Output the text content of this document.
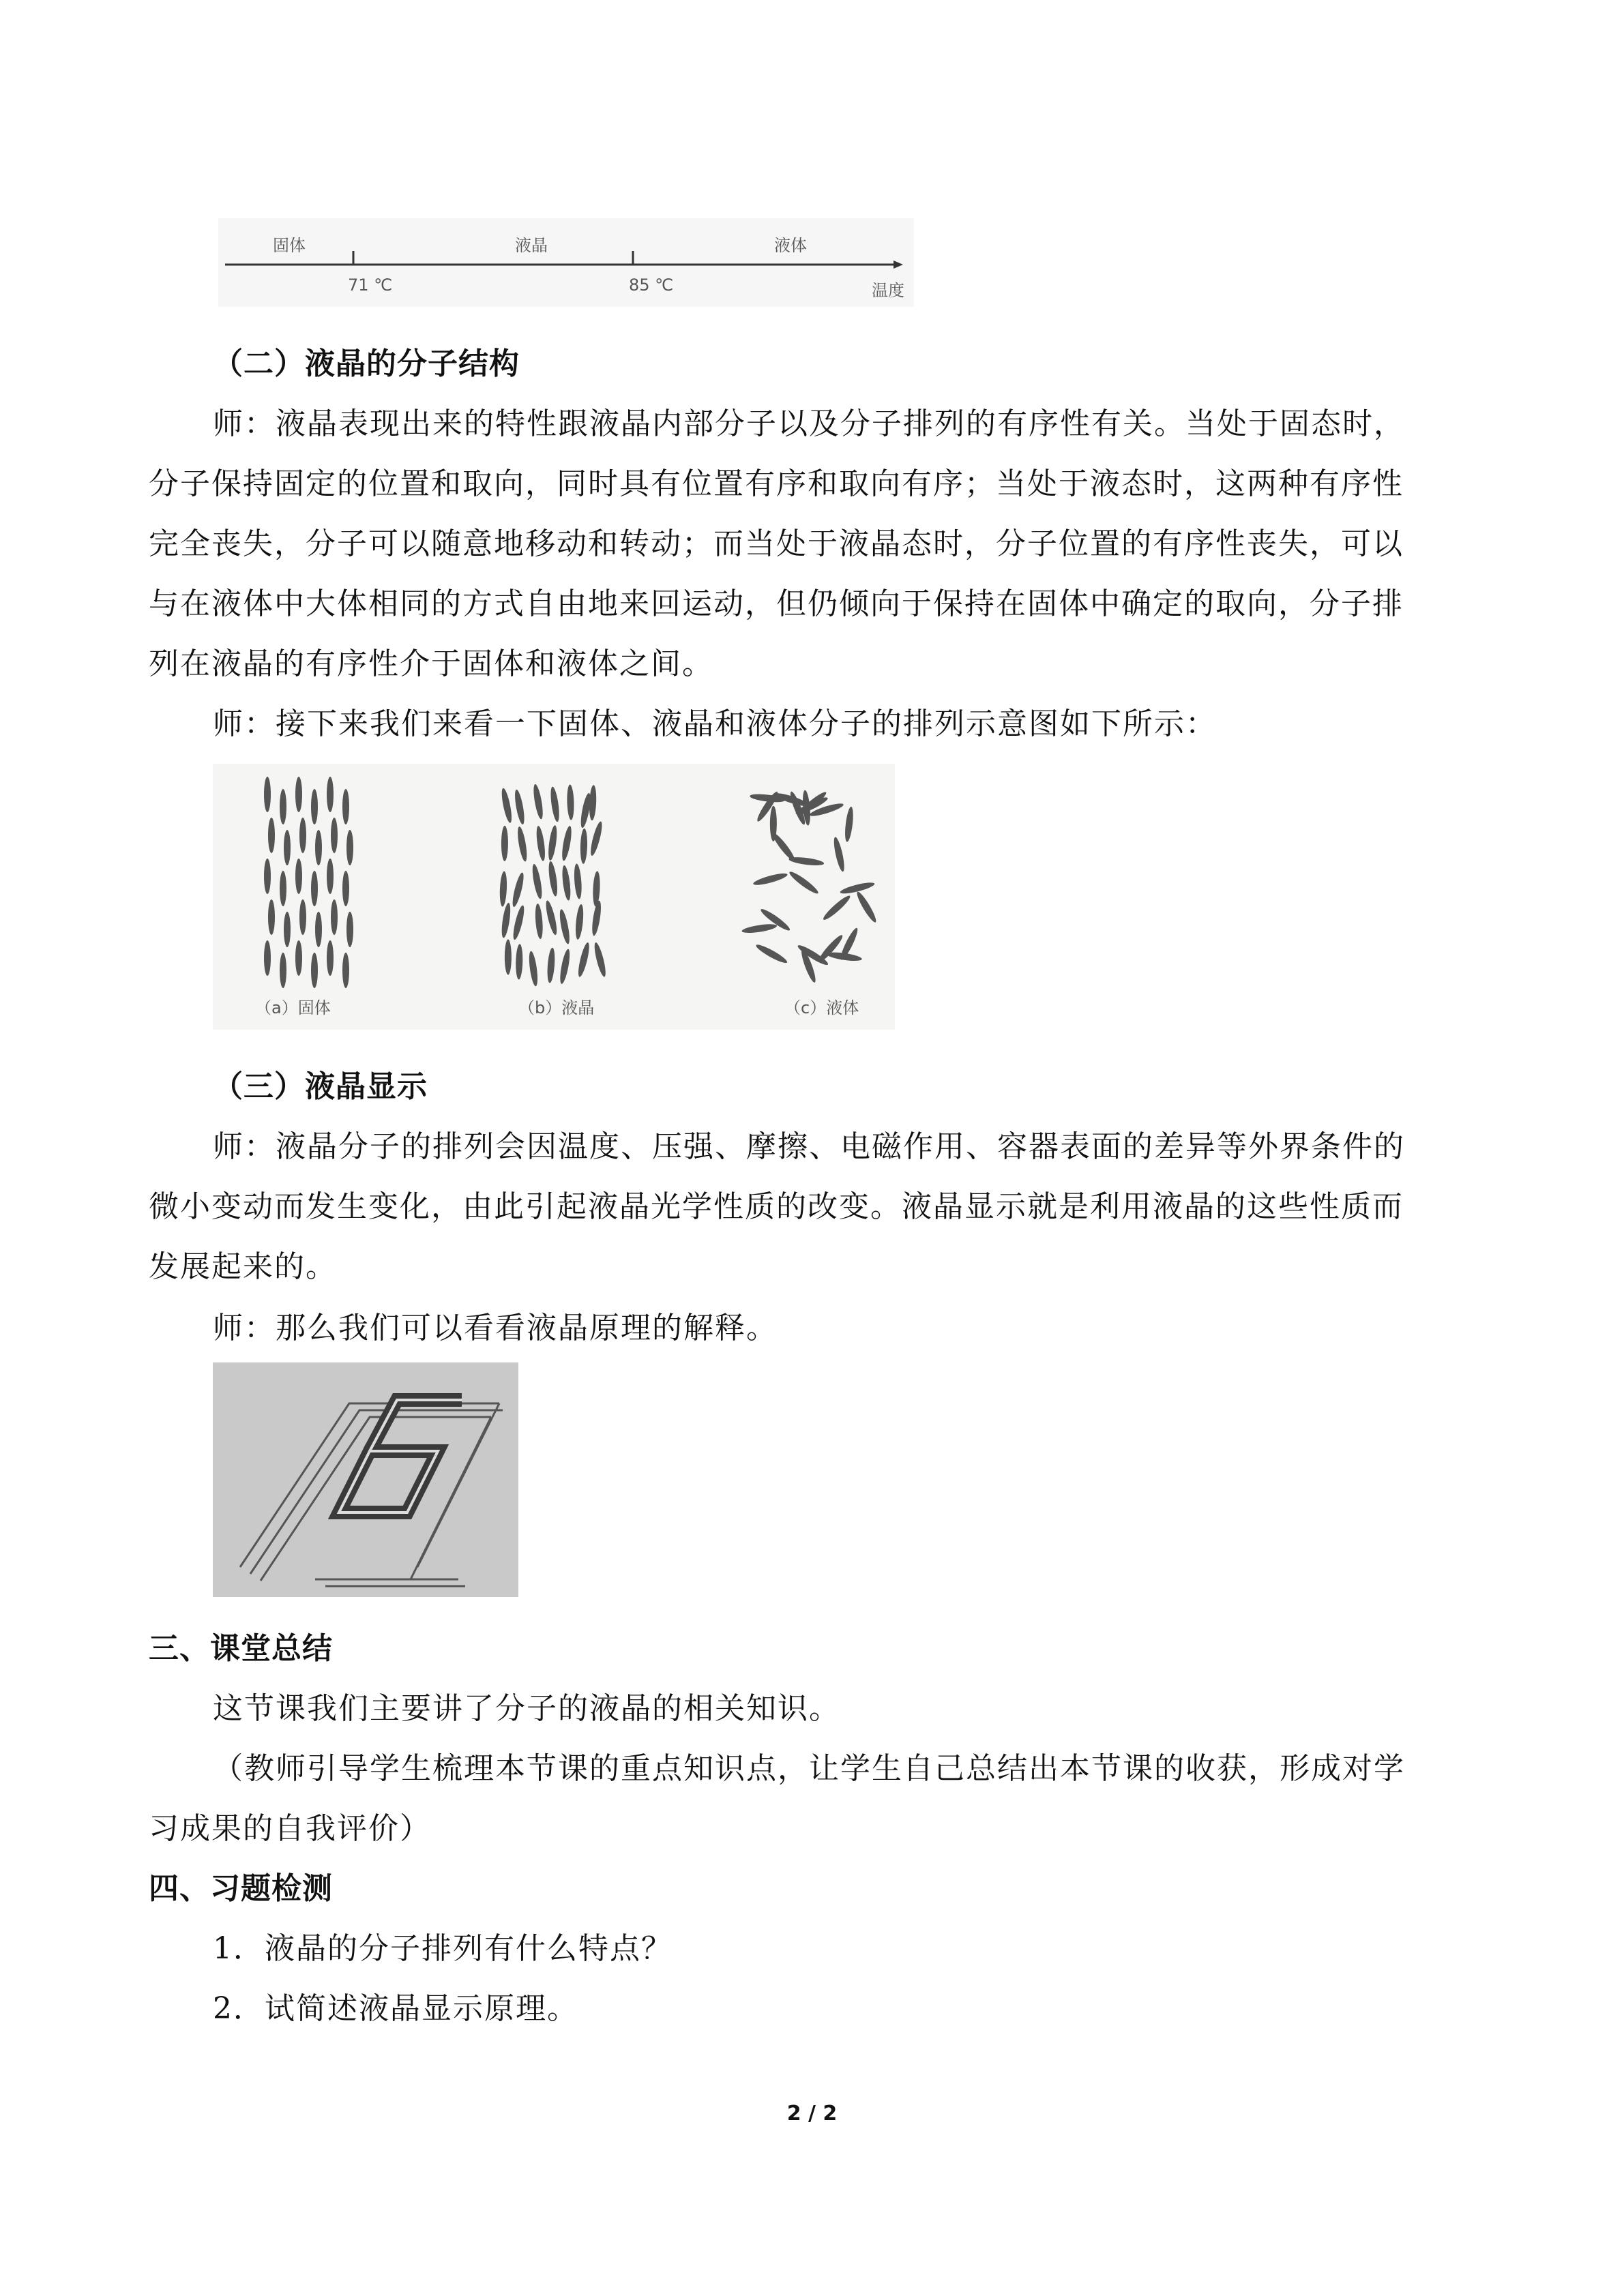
固体	液晶	液体
71 ℃	85 ℃	温度
（二）液晶的分子结构
师：液晶表现出来的特性跟液晶内部分子以及分子排列的有序性有关。当处于固态时，
分子保持固定的位置和取向，同时具有位置有序和取向有序；当处于液态时，这两种有序性
完全丧失，分子可以随意地移动和转动；而当处于液晶态时，分子位置的有序性丧失，可以
与在液体中大体相同的方式自由地来回运动，但仍倾向于保持在固体中确定的取向，分子排
列在液晶的有序性介于固体和液体之间。
师：接下来我们来看一下固体、液晶和液体分子的排列示意图如下所示：
（a）固体	（b）液晶	（c）液体
（三）液晶显示
师：液晶分子的排列会因温度、压强、摩擦、电磁作用、容器表面的差异等外界条件的
微小变动而发生变化，由此引起液晶光学性质的改变。液晶显示就是利用液晶的这些性质而
发展起来的。
师：那么我们可以看看液晶原理的解释。
三、课堂总结
这节课我们主要讲了分子的液晶的相关知识。
（教师引导学生梳理本节课的重点知识点，让学生自己总结出本节课的收获，形成对学
习成果的自我评价）
四、习题检测
1．液晶的分子排列有什么特点？
2．试简述液晶显示原理。
2 / 2
